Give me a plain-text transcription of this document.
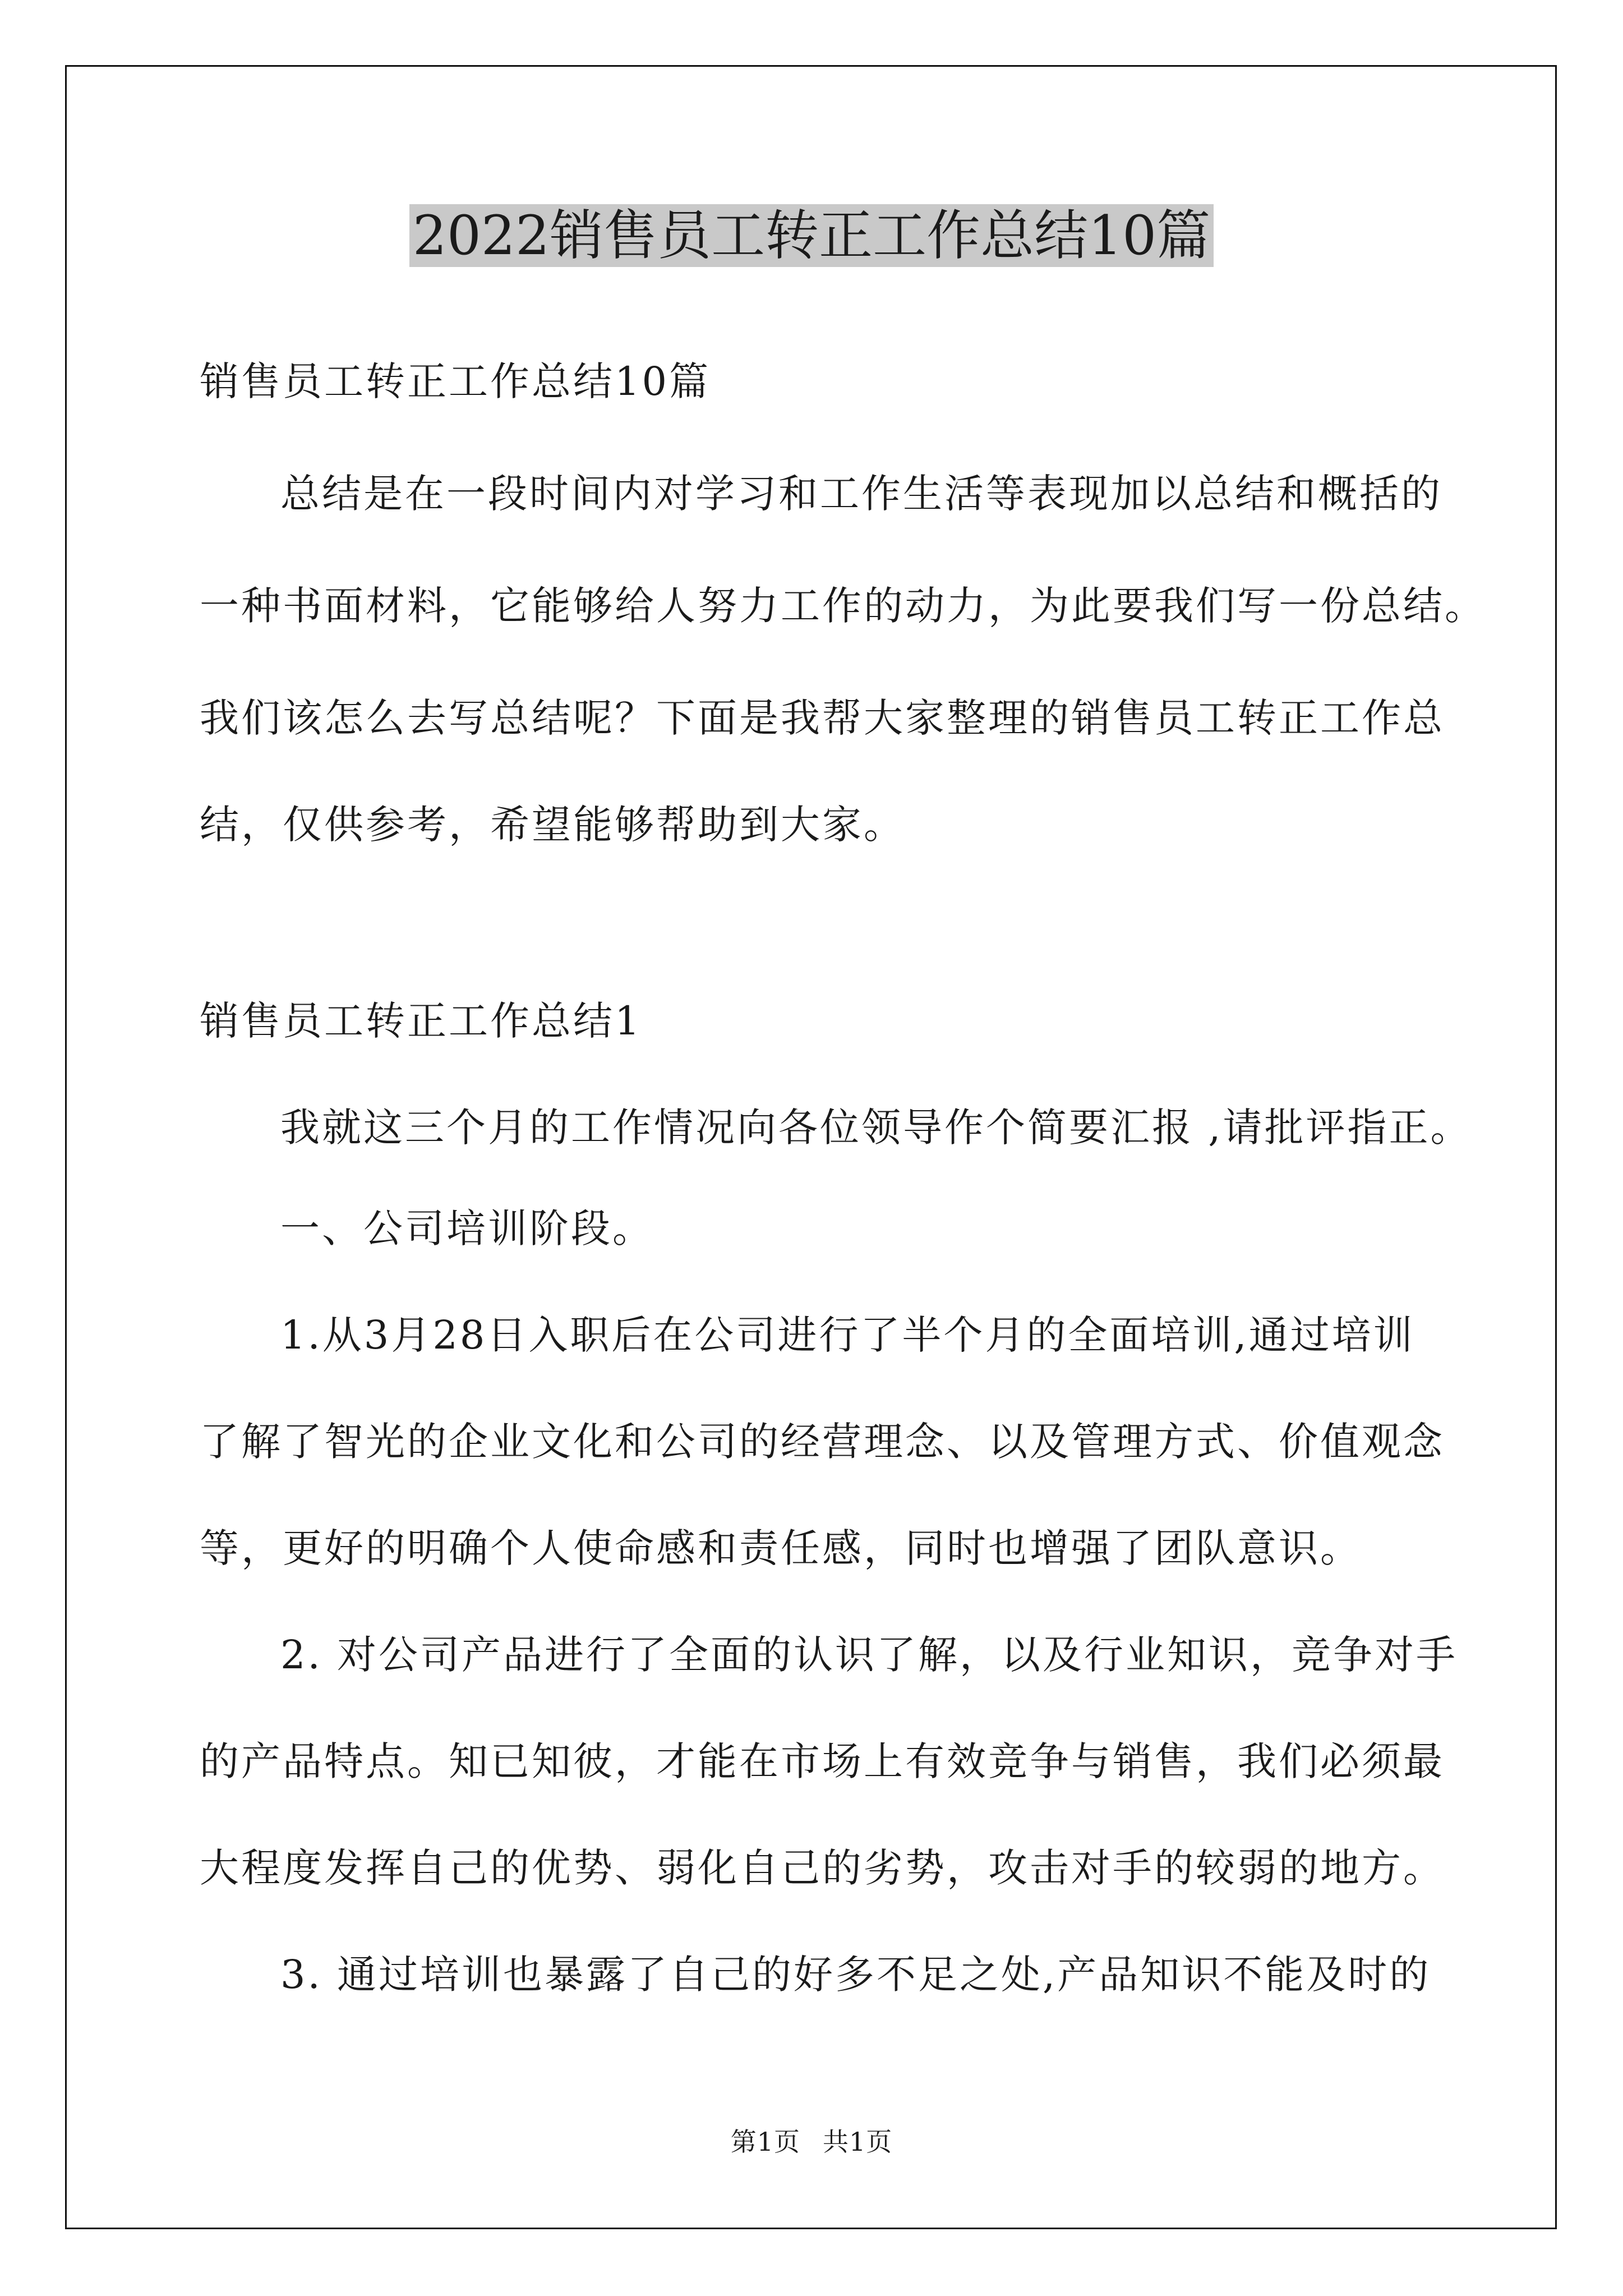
2022销售员工转正工作总结10篇
销售员工转正工作总结10篇
总结是在一段时间内对学习和工作生活等表现加以总结和概括的
一种书面材料，它能够给人努力工作的动力，为此要我们写一份总结。
我们该怎么去写总结呢？下面是我帮大家整理的销售员工转正工作总
结，仅供参考，希望能够帮助到大家。
销售员工转正工作总结1
我就这三个月的工作情况向各位领导作个简要汇报 ,请批评指正。
一、公司培训阶段。
1.从3月28日入职后在公司进行了半个月的全面培训,通过培训
了解了智光的企业文化和公司的经营理念、以及管理方式、价值观念
等，更好的明确个人使命感和责任感，同时也增强了团队意识。
2. 对公司产品进行了全面的认识了解，以及行业知识，竞争对手
的产品特点。知已知彼，才能在市场上有效竞争与销售，我们必须最
大程度发挥自己的优势、弱化自己的劣势，攻击对手的较弱的地方。
3. 通过培训也暴露了自己的好多不足之处,产品知识不能及时的
第1页 共1页
